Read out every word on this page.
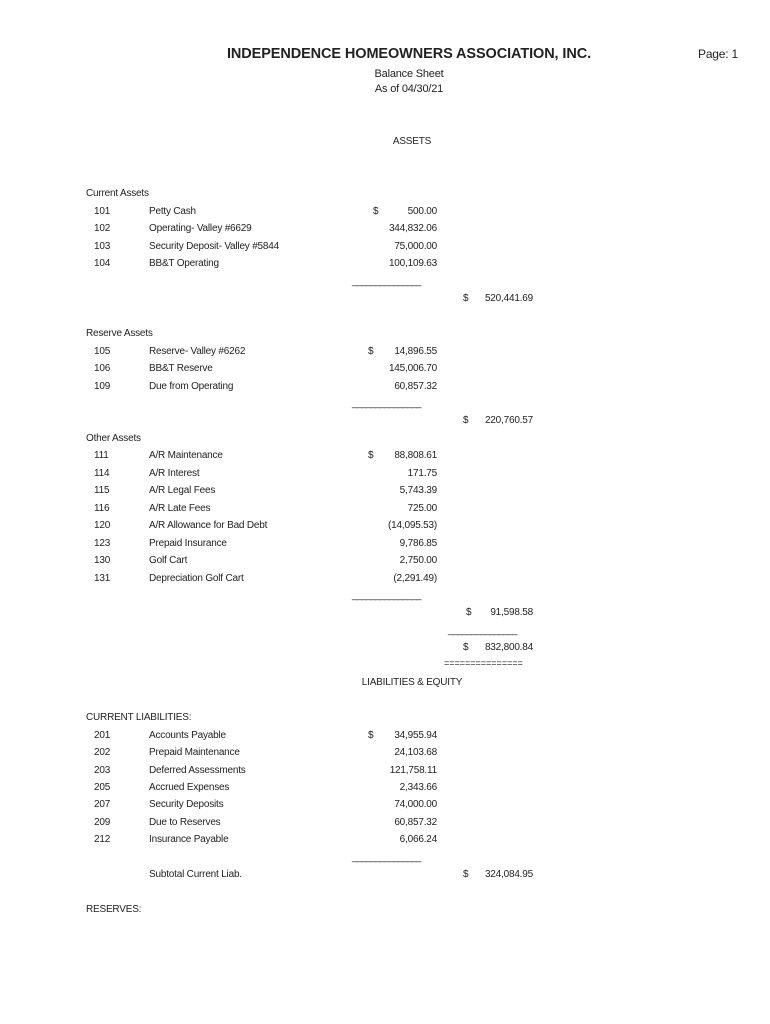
INDEPENDENCE HOMEOWNERS ASSOCIATION, INC.	Page: 1
Balance Sheet
As of 04/30/21
ASSETS
Current Assets
101	Petty Cash	$	500.00
102	Operating- Valley #6629	344,832.06
103	Security Deposit- Valley #5844	75,000.00
104	BB&T Operating	100,109.63
_______________
$	520,441.69
Reserve Assets
105	Reserve- Valley #6262	$	14,896.55
106	BB&T Reserve	145,006.70
109	Due from Operating	60,857.32
_______________
$	220,760.57
Other Assets
111	A/R Maintenance	$	88,808.61
114	A/R Interest	171.75
115	A/R Legal Fees	5,743.39
116	A/R Late Fees	725.00
120	A/R Allowance for Bad Debt	(14,095.53)
123	Prepaid Insurance	9,786.85
130	Golf Cart	2,750.00
131	Depreciation Golf Cart	(2,291.49)
_______________
$	91,598.58
_______________
$	832,800.84
===============
LIABILITIES & EQUITY
CURRENT LIABILITIES:
201	Accounts Payable	$	34,955.94
202	Prepaid Maintenance	24,103.68
203	Deferred Assessments	121,758.11
205	Accrued Expenses	2,343.66
207	Security Deposits	74,000.00
209	Due to Reserves	60,857.32
212	Insurance Payable	6,066.24
_______________
Subtotal Current Liab.	$	324,084.95
RESERVES:
